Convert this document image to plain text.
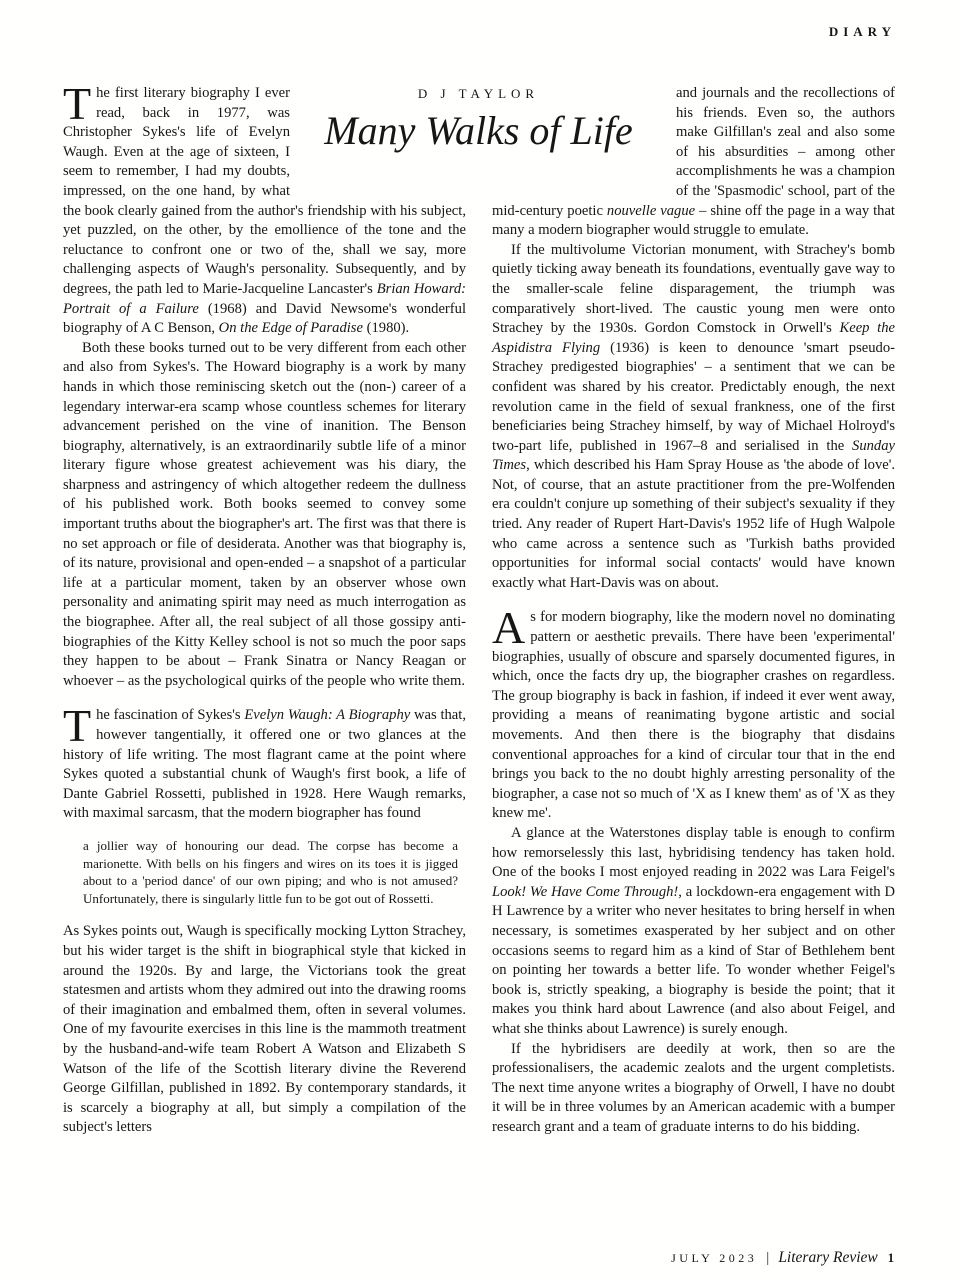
DIARY
D J TAYLOR
Many Walks of Life

The first literary biography I ever read, back in 1977, was Christopher Sykes's life of Evelyn Waugh. Even at the age of sixteen, I seem to remember, I had my doubts, impressed, on the one hand, by what the book clearly gained from the author's friendship with his subject, yet puzzled, on the other, by the emollience of the tone and the reluctance to confront one or two of the, shall we say, more challenging aspects of Waugh's personality. Subsequently, and by degrees, the path led to Marie-Jacqueline Lancaster's Brian Howard: Portrait of a Failure (1968) and David Newsome's wonderful biography of A C Benson, On the Edge of Paradise (1980).

Both these books turned out to be very different from each other and also from Sykes's. The Howard biography is a work by many hands in which those reminiscing sketch out the (non-) career of a legendary interwar-era scamp whose countless schemes for literary advancement perished on the vine of inanition. The Benson biography, alternatively, is an extraordinarily subtle life of a minor literary figure whose greatest achievement was his diary, the sharpness and astringency of which altogether redeem the dullness of his published work. Both books seemed to convey some important truths about the biographer's art. The first was that there is no set approach or file of desiderata. Another was that biography is, of its nature, provisional and open-ended – a snapshot of a particular life at a particular moment, taken by an observer whose own personality and animating spirit may need as much interrogation as the biographee. After all, the real subject of all those gossipy anti-biographies of the Kitty Kelley school is not so much the poor saps they happen to be about – Frank Sinatra or Nancy Reagan or whoever – as the psychological quirks of the people who write them.

The fascination of Sykes's Evelyn Waugh: A Biography was that, however tangentially, it offered one or two glances at the history of life writing. The most flagrant came at the point where Sykes quoted a substantial chunk of Waugh's first book, a life of Dante Gabriel Rossetti, published in 1928. Here Waugh remarks, with maximal sarcasm, that the modern biographer has found

a jollier way of honouring our dead. The corpse has become a marionette. With bells on his fingers and wires on its toes it is jigged about to a 'period dance' of our own piping; and who is not amused? Unfortunately, there is singularly little fun to be got out of Rossetti.

As Sykes points out, Waugh is specifically mocking Lytton Strachey, but his wider target is the shift in biographical style that kicked in around the 1920s. By and large, the Victorians took the great statesmen and artists whom they admired out into the drawing rooms of their imagination and embalmed them, often in several volumes. One of my favourite exercises in this line is the mammoth treatment by the husband-and-wife team Robert A Watson and Elizabeth S Watson of the life of the Scottish literary divine the Reverend George Gilfillan, published in 1892. By contemporary standards, it is scarcely a biography at all, but simply a compilation of the subject's letters

and journals and the recollections of his friends. Even so, the authors make Gilfillan's zeal and also some of his absurdities – among other accomplishments he was a champion of the 'Spasmodic' school, part of the mid-century poetic nouvelle vague – shine off the page in a way that many a modern biographer would struggle to emulate.

If the multivolume Victorian monument, with Strachey's bomb quietly ticking away beneath its foundations, eventually gave way to the smaller-scale feline disparagement, the triumph was comparatively short-lived. The caustic young men were onto Strachey by the 1930s. Gordon Comstock in Orwell's Keep the Aspidistra Flying (1936) is keen to denounce 'smart pseudo-Strachey predigested biographies' – a sentiment that we can be confident was shared by his creator. Predictably enough, the next revolution came in the field of sexual frankness, one of the first beneficiaries being Strachey himself, by way of Michael Holroyd's two-part life, published in 1967–8 and serialised in the Sunday Times, which described his Ham Spray House as 'the abode of love'. Not, of course, that an astute practitioner from the pre-Wolfenden era couldn't conjure up something of their subject's sexuality if they tried. Any reader of Rupert Hart-Davis's 1952 life of Hugh Walpole who came across a sentence such as 'Turkish baths provided opportunities for informal social contacts' would have known exactly what Hart-Davis was on about.

As for modern biography, like the modern novel no dominating pattern or aesthetic prevails. There have been 'experimental' biographies, usually of obscure and sparsely documented figures, in which, once the facts dry up, the biographer crashes on regardless. The group biography is back in fashion, if indeed it ever went away, providing a means of reanimating bygone artistic and social movements. And then there is the biography that disdains conventional approaches for a kind of circular tour that in the end brings you back to the no doubt highly arresting personality of the biographer, a case not so much of 'X as I knew them' as of 'X as they knew me'.

A glance at the Waterstones display table is enough to confirm how remorselessly this last, hybridising tendency has taken hold. One of the books I most enjoyed reading in 2022 was Lara Feigel's Look! We Have Come Through!, a lockdown-era engagement with D H Lawrence by a writer who never hesitates to bring herself in when necessary, is sometimes exasperated by her subject and on other occasions seems to regard him as a kind of Star of Bethlehem bent on pointing her towards a better life. To wonder whether Feigel's book is, strictly speaking, a biography is beside the point; that it makes you think hard about Lawrence (and also about Feigel, and what she thinks about Lawrence) is surely enough.

If the hybridisers are deedily at work, then so are the professionalisers, the academic zealots and the urgent completists. The next time anyone writes a biography of Orwell, I have no doubt it will be in three volumes by an American academic with a bumper research grant and a team of graduate interns to do his bidding.

JULY 2023 | Literary Review 1
